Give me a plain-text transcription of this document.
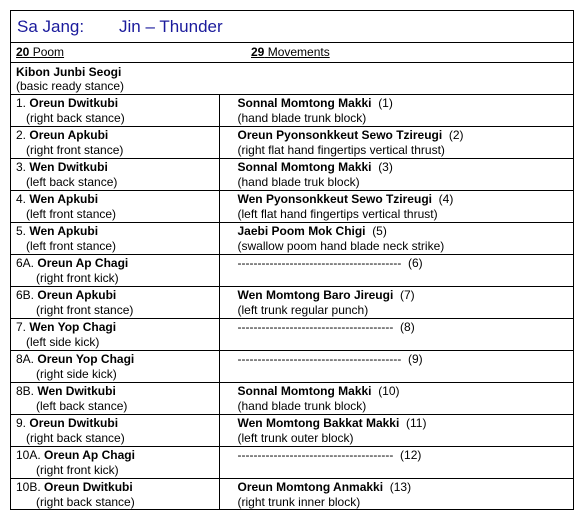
Sa Jang: Jin – Thunder
20 Poom	29 Movements
Kibon Junbi Seogi
(basic ready stance)
1. Oreun Dwitkubi
(right back stance)	Sonnal Momtong Makki (1)
(hand blade trunk block)

2. Oreun Apkubi
(right front stance)	Oreun Pyonsonkkeut Sewo Tzireugi (2)
(right flat hand fingertips vertical thrust)

3. Wen Dwitkubi
(left back stance)	Sonnal Momtong Makki (3)
(hand blade truk block)

4. Wen Apkubi
(left front stance)	Wen Pyonsonkkeut Sewo Tzireugi (4)
(left flat hand fingertips vertical thrust)

5. Wen Apkubi
(left front stance)	Jaebi Poom Mok Chigi (5)
(swallow poom hand blade neck strike)

6A. Oreun Ap Chagi
(right front kick)	----------------------------------------- (6)

6B. Oreun Apkubi
(right front stance)	Wen Momtong Baro Jireugi (7)
(left trunk regular punch)

7. Wen Yop Chagi
(left side kick)	--------------------------------------- (8)

8A. Oreun Yop Chagi
(right side kick)	----------------------------------------- (9)

8B. Wen Dwitkubi
(left back stance)	Sonnal Momtong Makki (10)
(hand blade trunk block)

9. Oreun Dwitkubi
(right back stance)	Wen Momtong Bakkat Makki (11)
(left trunk outer block)

10A. Oreun Ap Chagi
(right front kick)	--------------------------------------- (12)

10B. Oreun Dwitkubi
(right back stance)	Oreun Momtong Anmakki (13)
(right trunk inner block)
